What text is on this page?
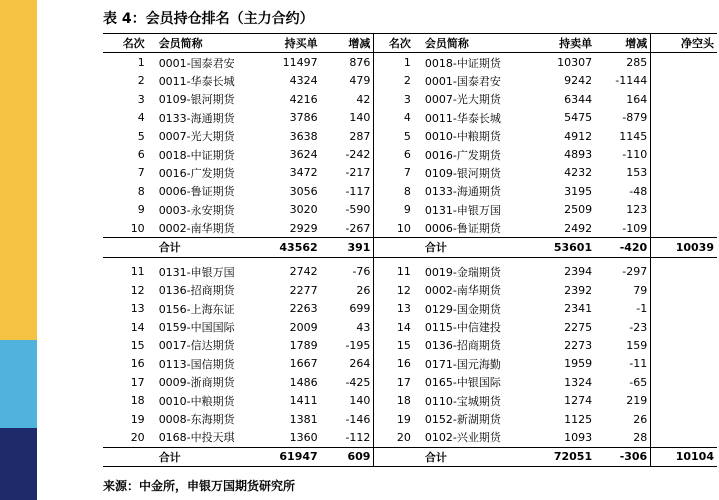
表 4：会员持仓排名（主力合约）
名次	会员简称	持买单	增减	名次	会员简称	持卖单	增减	净空头
1	0001-国泰君安	11497	876	1	0018-中证期货	10307	285	
2	0011-华泰长城	4324	479	2	0001-国泰君安	9242	-1144	
3	0109-银河期货	4216	42	3	0007-光大期货	6344	164	
4	0133-海通期货	3786	140	4	0011-华泰长城	5475	-879	
5	0007-光大期货	3638	287	5	0010-中粮期货	4912	1145	
6	0018-中证期货	3624	-242	6	0016-广发期货	4893	-110	
7	0016-广发期货	3472	-217	7	0109-银河期货	4232	153	
8	0006-鲁证期货	3056	-117	8	0133-海通期货	3195	-48	
9	0003-永安期货	3020	-590	9	0131-申银万国	2509	123	
10	0002-南华期货	2929	-267	10	0006-鲁证期货	2492	-109	
	合计	43562	391		合计	53601	-420	10039

11	0131-申银万国	2742	-76	11	0019-金瑞期货	2394	-297	
12	0136-招商期货	2277	26	12	0002-南华期货	2392	79	
13	0156-上海东证	2263	699	13	0129-国金期货	2341	-1	
14	0159-中国国际	2009	43	14	0115-中信建投	2275	-23	
15	0017-信达期货	1789	-195	15	0136-招商期货	2273	159	
16	0113-国信期货	1667	264	16	0171-国元海勤	1959	-11	
17	0009-浙商期货	1486	-425	17	0165-中银国际	1324	-65	
18	0010-中粮期货	1411	140	18	0110-宝城期货	1274	219	
19	0008-东海期货	1381	-146	19	0152-新湖期货	1125	26	
20	0168-中投天琪	1360	-112	20	0102-兴业期货	1093	28	
	合计	61947	609		合计	72051	-306	10104
来源：中金所，申银万国期货研究所
